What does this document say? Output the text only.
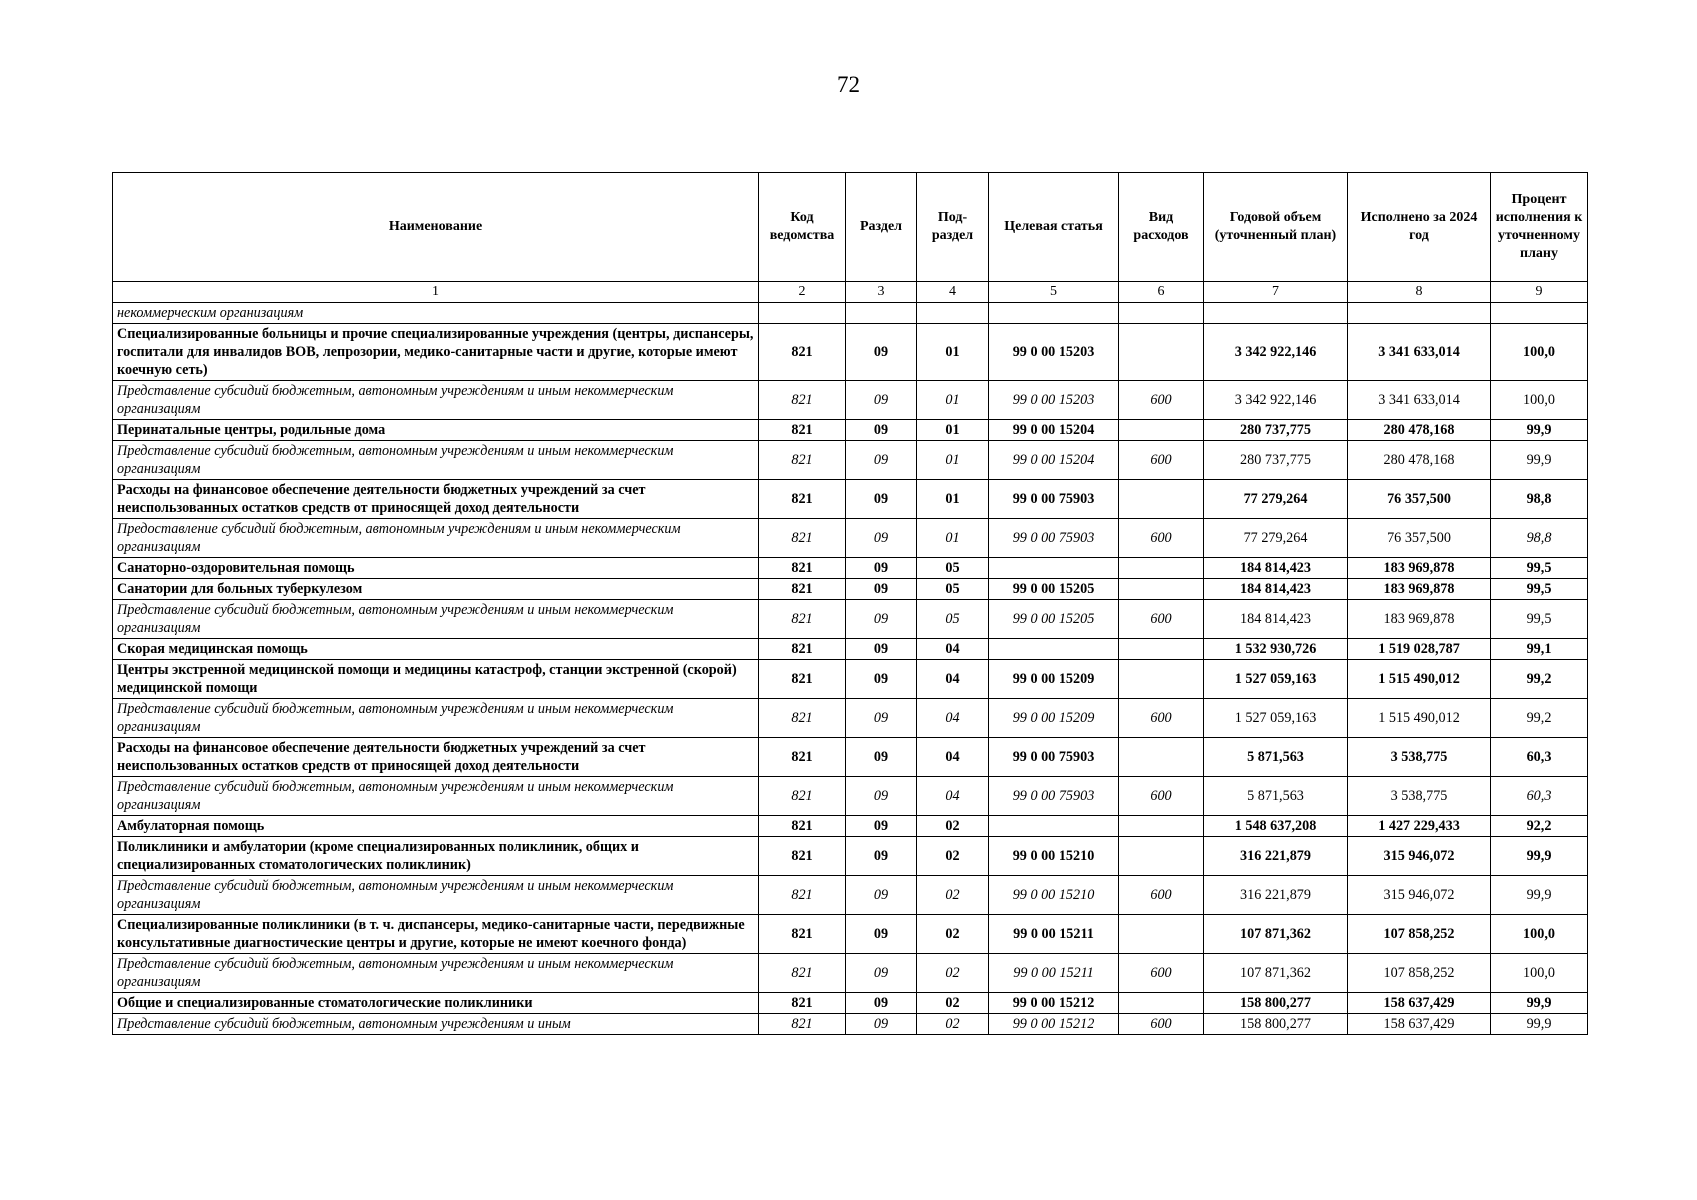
72
Наименование	Код ведомства	Раздел	Под-раздел	Целевая статья	Вид расходов	Годовой объем (уточненный план)	Исполнено за 2024 год	Процент исполнения к уточненному плану
1	2	3	4	5	6	7	8	9
некоммерческим организациям								
Специализированные больницы и прочие специализированные учреждения (центры, диспансеры, госпитали для инвалидов ВОВ, лепрозории, медико-санитарные части и другие, которые имеют коечную сеть)	821	09	01	99 0 00 15203		3 342 922,146	3 341 633,014	100,0
Представление субсидий бюджетным, автономным учреждениям и иным некоммерческим организациям	821	09	01	99 0 00 15203	600	3 342 922,146	3 341 633,014	100,0
Перинатальные центры, родильные дома	821	09	01	99 0 00 15204		280 737,775	280 478,168	99,9
Представление субсидий бюджетным, автономным учреждениям и иным некоммерческим организациям	821	09	01	99 0 00 15204	600	280 737,775	280 478,168	99,9
Расходы на финансовое обеспечение деятельности бюджетных учреждений за счет неиспользованных остатков средств от приносящей доход деятельности	821	09	01	99 0 00 75903		77 279,264	76 357,500	98,8
Предоставление субсидий бюджетным, автономным учреждениям и иным некоммерческим организациям	821	09	01	99 0 00 75903	600	77 279,264	76 357,500	98,8
Санаторно-оздоровительная помощь	821	09	05			184 814,423	183 969,878	99,5
Санатории для больных туберкулезом	821	09	05	99 0 00 15205		184 814,423	183 969,878	99,5
Представление субсидий бюджетным, автономным учреждениям и иным некоммерческим организациям	821	09	05	99 0 00 15205	600	184 814,423	183 969,878	99,5
Скорая медицинская помощь	821	09	04			1 532 930,726	1 519 028,787	99,1
Центры экстренной медицинской помощи и медицины катастроф, станции экстренной (скорой) медицинской помощи	821	09	04	99 0 00 15209		1 527 059,163	1 515 490,012	99,2
Представление субсидий бюджетным, автономным учреждениям и иным некоммерческим организациям	821	09	04	99 0 00 15209	600	1 527 059,163	1 515 490,012	99,2
Расходы на финансовое обеспечение деятельности бюджетных учреждений за счет неиспользованных остатков средств от приносящей доход деятельности	821	09	04	99 0 00 75903		5 871,563	3 538,775	60,3
Представление субсидий бюджетным, автономным учреждениям и иным некоммерческим организациям	821	09	04	99 0 00 75903	600	5 871,563	3 538,775	60,3
Амбулаторная помощь	821	09	02			1 548 637,208	1 427 229,433	92,2
Поликлиники и амбулатории (кроме специализированных поликлиник, общих и специализированных стоматологических поликлиник)	821	09	02	99 0 00 15210		316 221,879	315 946,072	99,9
Представление субсидий бюджетным, автономным учреждениям и иным некоммерческим организациям	821	09	02	99 0 00 15210	600	316 221,879	315 946,072	99,9
Специализированные поликлиники (в т. ч. диспансеры, медико-санитарные части, передвижные консультативные диагностические центры и другие, которые не имеют коечного фонда)	821	09	02	99 0 00 15211		107 871,362	107 858,252	100,0
Представление субсидий бюджетным, автономным учреждениям и иным некоммерческим организациям	821	09	02	99 0 00 15211	600	107 871,362	107 858,252	100,0
Общие и специализированные стоматологические поликлиники	821	09	02	99 0 00 15212		158 800,277	158 637,429	99,9
Представление субсидий бюджетным, автономным учреждениям и иным	821	09	02	99 0 00 15212	600	158 800,277	158 637,429	99,9
